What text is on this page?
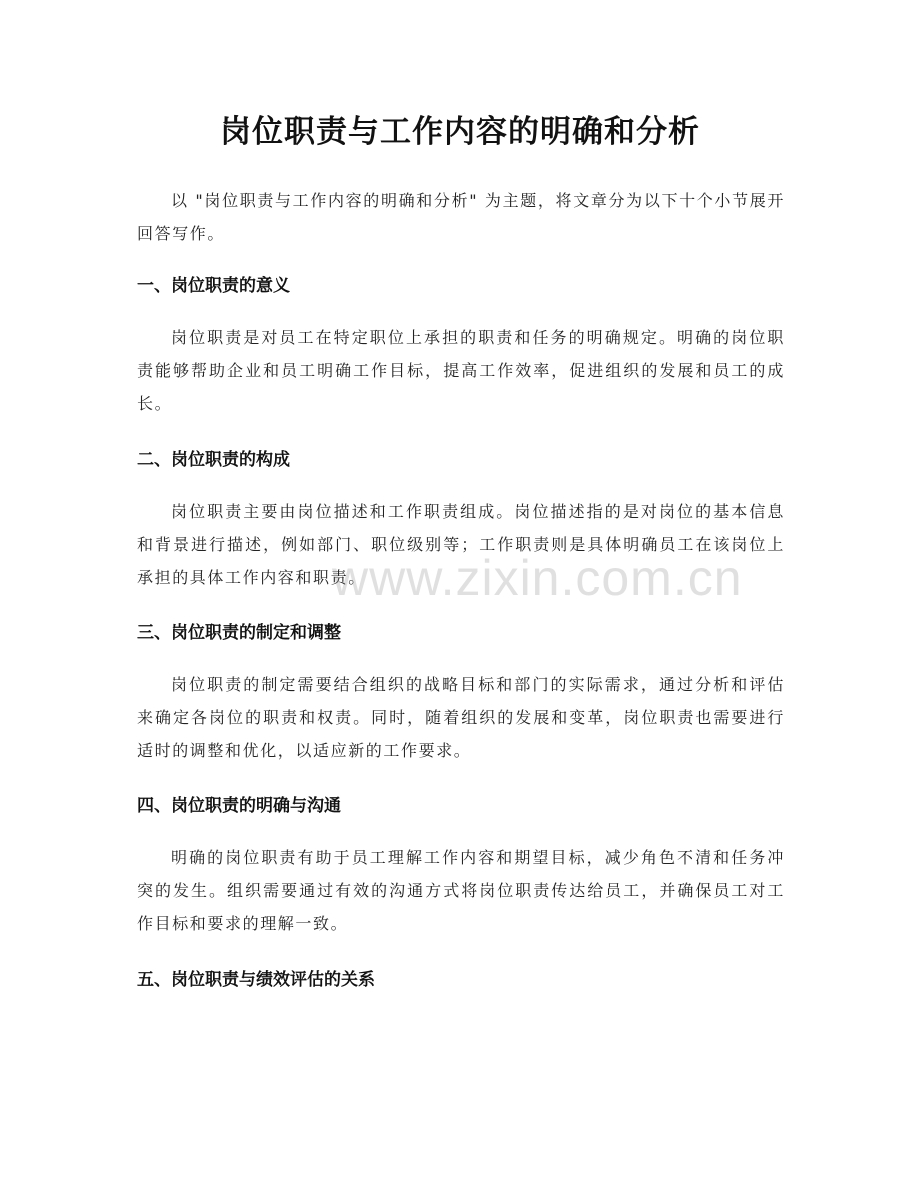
岗位职责与工作内容的明确和分析

以 "岗位职责与工作内容的明确和分析" 为主题，将文章分为以下十个小节展开回答写作。

一、岗位职责的意义

岗位职责是对员工在特定职位上承担的职责和任务的明确规定。明确的岗位职责能够帮助企业和员工明确工作目标，提高工作效率，促进组织的发展和员工的成长。

二、岗位职责的构成

岗位职责主要由岗位描述和工作职责组成。岗位描述指的是对岗位的基本信息和背景进行描述，例如部门、职位级别等；工作职责则是具体明确员工在该岗位上承担的具体工作内容和职责。

三、岗位职责的制定和调整

岗位职责的制定需要结合组织的战略目标和部门的实际需求，通过分析和评估来确定各岗位的职责和权责。同时，随着组织的发展和变革，岗位职责也需要进行适时的调整和优化，以适应新的工作要求。

四、岗位职责的明确与沟通

明确的岗位职责有助于员工理解工作内容和期望目标，减少角色不清和任务冲突的发生。组织需要通过有效的沟通方式将岗位职责传达给员工，并确保员工对工作目标和要求的理解一致。

五、岗位职责与绩效评估的关系
www.zixin.com.cn
